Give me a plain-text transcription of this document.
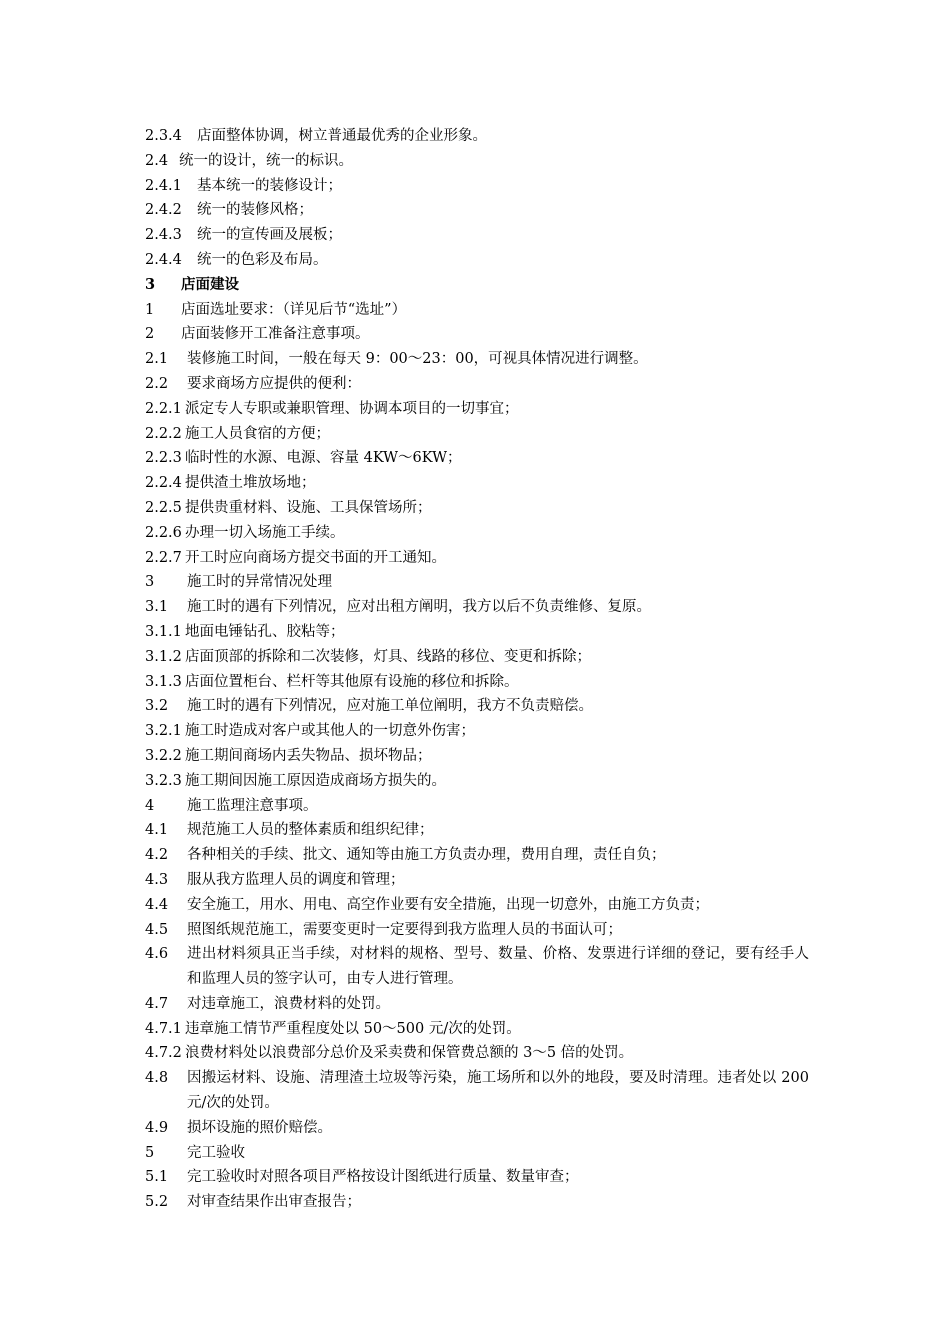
2.3.4 店面整体协调，树立普通最优秀的企业形象。
2.4 统一的设计，统一的标识。
2.4.1 基本统一的装修设计；
2.4.2 统一的装修风格；
2.4.3 统一的宣传画及展板；
2.4.4 统一的色彩及布局。
3 店面建设
1 店面选址要求：（详见后节“选址”）
2 店面装修开工准备注意事项。
2.1 装修施工时间，一般在每天 9：00～23：00，可视具体情况进行调整。
2.2 要求商场方应提供的便利：
2.2.1 派定专人专职或兼职管理、协调本项目的一切事宜；
2.2.2 施工人员食宿的方便；
2.2.3 临时性的水源、电源、容量 4KW～6KW；
2.2.4 提供渣土堆放场地；
2.2.5 提供贵重材料、设施、工具保管场所；
2.2.6 办理一切入场施工手续。
2.2.7 开工时应向商场方提交书面的开工通知。
3 施工时的异常情况处理
3.1 施工时的遇有下列情况，应对出租方阐明，我方以后不负责维修、复原。
3.1.1 地面电锤钻孔、胶粘等；
3.1.2 店面顶部的拆除和二次装修，灯具、线路的移位、变更和拆除；
3.1.3 店面位置柜台、栏杆等其他原有设施的移位和拆除。
3.2 施工时的遇有下列情况，应对施工单位阐明，我方不负责赔偿。
3.2.1 施工时造成对客户或其他人的一切意外伤害；
3.2.2 施工期间商场内丢失物品、损坏物品；
3.2.3 施工期间因施工原因造成商场方损失的。
4 施工监理注意事项。
4.1 规范施工人员的整体素质和组织纪律；
4.2 各种相关的手续、批文、通知等由施工方负责办理，费用自理，责任自负；
4.3 服从我方监理人员的调度和管理；
4.4 安全施工，用水、用电、高空作业要有安全措施，出现一切意外，由施工方负责；
4.5 照图纸规范施工，需要变更时一定要得到我方监理人员的书面认可；
4.6 进出材料须具正当手续，对材料的规格、型号、数量、价格、发票进行详细的登记，要有经手人和监理人员的签字认可，由专人进行管理。
4.7 对违章施工，浪费材料的处罚。
4.7.1 违章施工情节严重程度处以 50～500 元/次的处罚。
4.7.2 浪费材料处以浪费部分总价及采卖费和保管费总额的 3～5 倍的处罚。
4.8 因搬运材料、设施、清理渣土垃圾等污染，施工场所和以外的地段，要及时清理。违者处以 200 元/次的处罚。
4.9 损坏设施的照价赔偿。
5 完工验收
5.1 完工验收时对照各项目严格按设计图纸进行质量、数量审查；
5.2 对审查结果作出审查报告；
